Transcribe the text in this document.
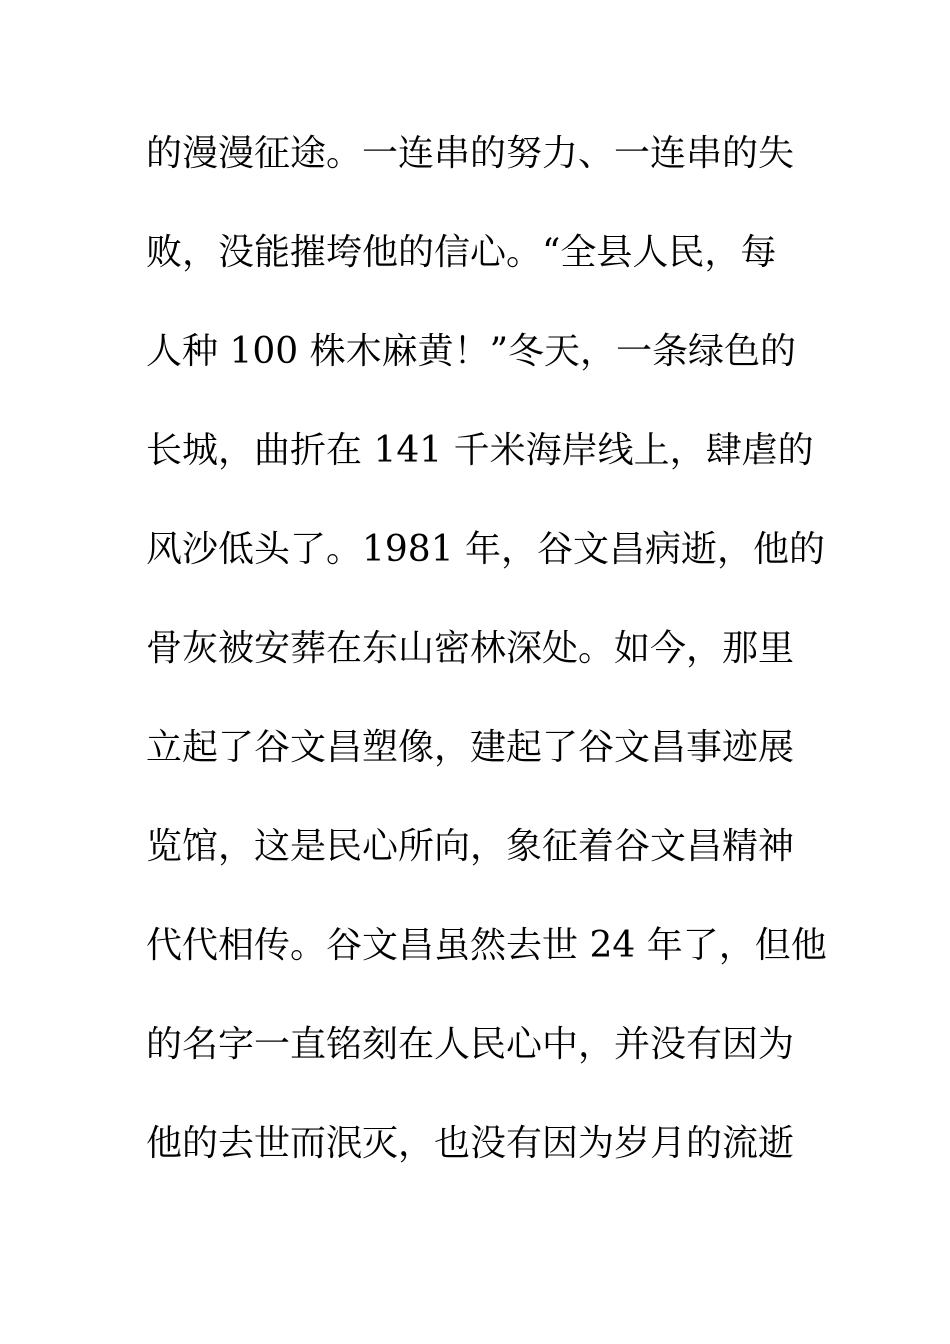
的漫漫征途。一连串的努力、一连串的失
败，没能摧垮他的信心。“全县人民，每
人种 100 株木麻黄！”冬天，一条绿色的
长城，曲折在 141 千米海岸线上，肆虐的
风沙低头了。1981 年，谷文昌病逝，他的
骨灰被安葬在东山密林深处。如今，那里
立起了谷文昌塑像，建起了谷文昌事迹展
览馆，这是民心所向，象征着谷文昌精神
代代相传。谷文昌虽然去世 24 年了，但他
的名字一直铭刻在人民心中，并没有因为
他的去世而泯灭，也没有因为岁月的流逝
